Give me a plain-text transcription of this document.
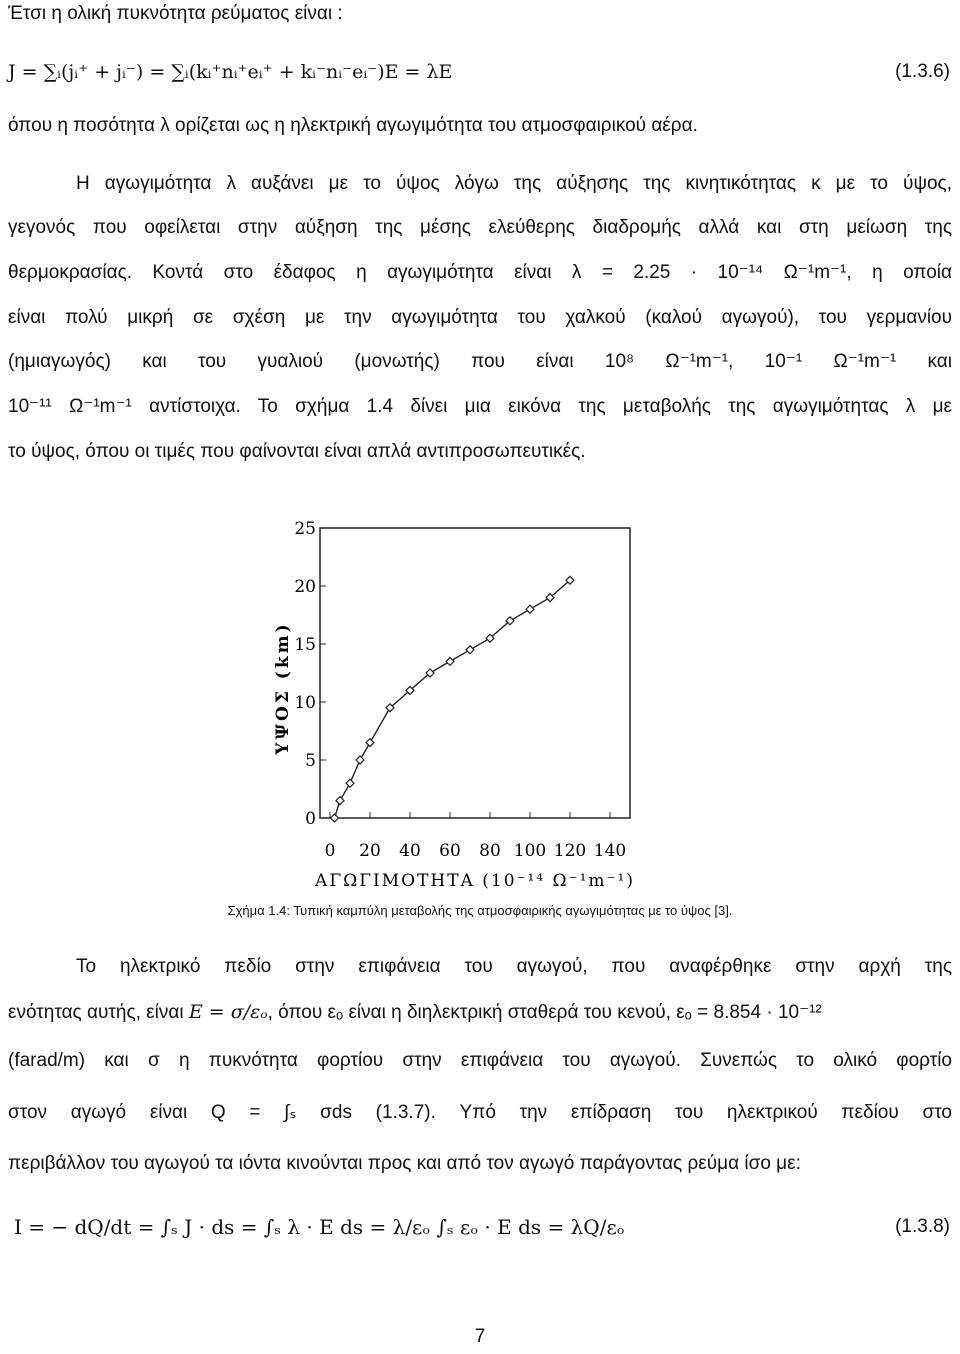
Έτσι η ολική πυκνότητα ρεύματος είναι :
J = ∑ᵢ(jᵢ⁺ + jᵢ⁻) = ∑ᵢ(kᵢ⁺nᵢ⁺eᵢ⁺ + kᵢ⁻nᵢ⁻eᵢ⁻)E = λE	(1.3.6)
όπου η ποσότητα λ ορίζεται ως η ηλεκτρική αγωγιμότητα του ατμοσφαιρικού αέρα.
Η αγωγιμότητα λ αυξάνει με το ύψος λόγω της αύξησης της κινητικότητας κ με το ύψος,
γεγονός που οφείλεται στην αύξηση της μέσης ελεύθερης διαδρομής αλλά και στη μείωση της
θερμοκρασίας. Κοντά στο έδαφος η αγωγιμότητα είναι λ = 2.25 · 10⁻¹⁴ Ω⁻¹m⁻¹, η οποία
είναι πολύ μικρή σε σχέση με την αγωγιμότητα του χαλκού (καλού αγωγού), του γερμανίου
(ημιαγωγός) και του γυαλιού (μονωτής) που είναι 10⁸ Ω⁻¹m⁻¹, 10⁻¹ Ω⁻¹m⁻¹ και
10⁻¹¹ Ω⁻¹m⁻¹ αντίστοιχα. Το σχήμα 1.4 δίνει μια εικόνα της μεταβολής της αγωγιμότητας λ με
το ύψος, όπου οι τιμές που φαίνονται είναι απλά αντιπροσωπευτικές.
0
5
10
15
20
25
0 20 40 60 80 100 120 140
ΥΨΟΣ (km)
ΑΓΩΓΙΜΟΤΗΤΑ (10⁻¹⁴ Ω⁻¹m⁻¹)
Σχήμα 1.4: Τυπική καμπύλη μεταβολής της ατμοσφαιρικής αγωγιμότητας με το ύψος [3].
Το ηλεκτρικό πεδίο στην επιφάνεια του αγωγού, που αναφέρθηκε στην αρχή της
ενότητας αυτής, είναι E = σ/εₒ, όπου εₒ είναι η διηλεκτρική σταθερά του κενού, εₒ = 8.854 · 10⁻¹²
(farad/m) και σ η πυκνότητα φορτίου στην επιφάνεια του αγωγού. Συνεπώς το ολικό φορτίο
στον αγωγό είναι Q = ∫ₛ σds (1.3.7). Υπό την επίδραση του ηλεκτρικού πεδίου στο
περιβάλλον του αγωγού τα ιόντα κινούνται προς και από τον αγωγό παράγοντας ρεύμα ίσο με:
I = − dQ/dt = ∫ₛ J · ds = ∫ₛ λ · E ds = λ/εₒ ∫ₛ εₒ · E ds = λQ/εₒ	(1.3.8)
7
